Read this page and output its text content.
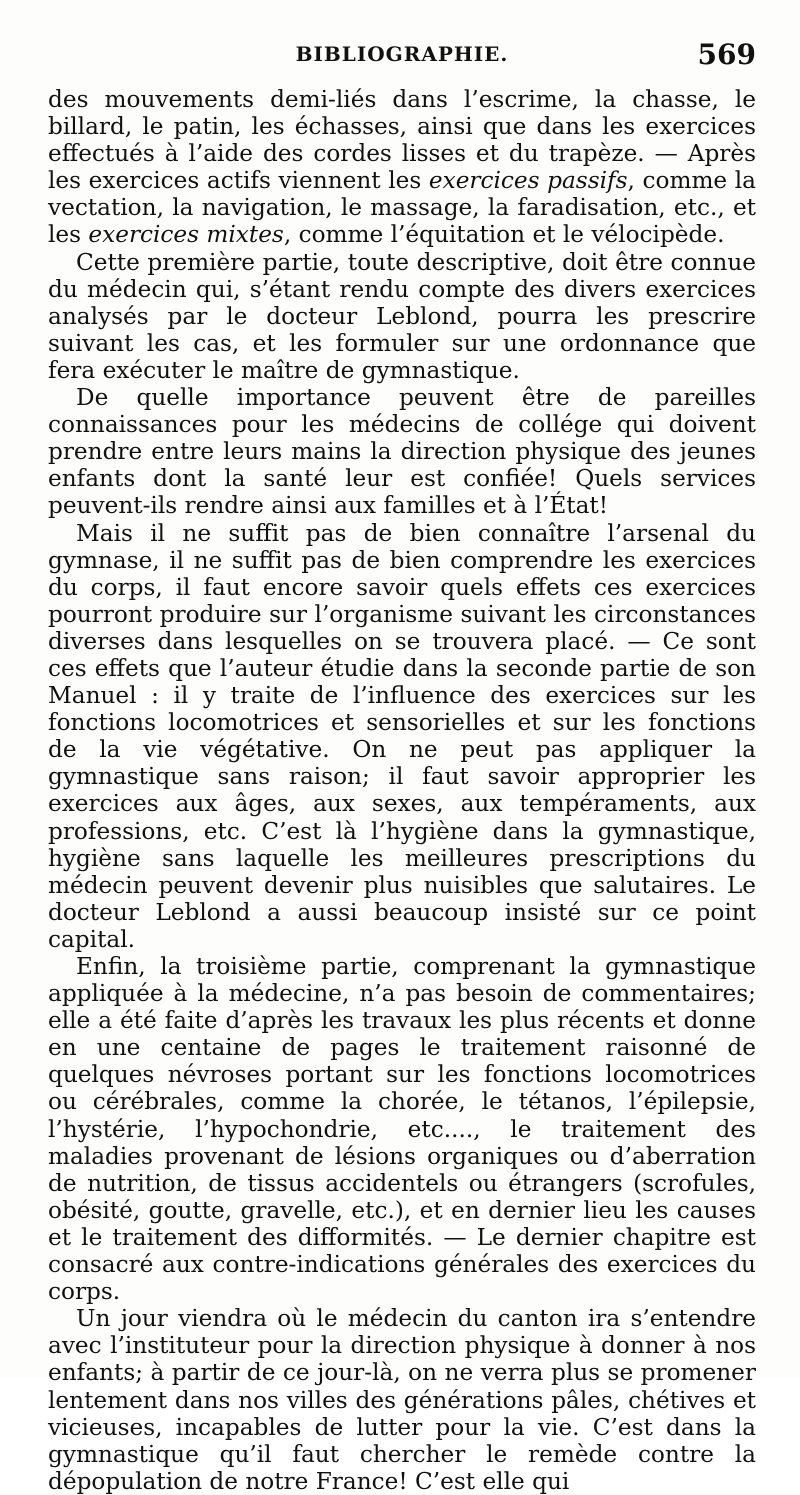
BIBLIOGRAPHIE.	569

des mouvements demi-liés dans l’escrime, la chasse, le billard, le patin, les échasses, ainsi que dans les exercices effectués à l’aide des cordes lisses et du trapèze. — Après les exercices actifs viennent les exercices passifs, comme la vectation, la navigation, le massage, la faradisation, etc., et les exercices mixtes, comme l’équitation et le vélocipède.

Cette première partie, toute descriptive, doit être connue du médecin qui, s’étant rendu compte des divers exercices analysés par le docteur Leblond, pourra les prescrire suivant les cas, et les formuler sur une ordonnance que fera exécuter le maître de gymnastique.

De quelle importance peuvent être de pareilles connaissances pour les médecins de collége qui doivent prendre entre leurs mains la direction physique des jeunes enfants dont la santé leur est confiée! Quels services peuvent-ils rendre ainsi aux familles et à l’État!

Mais il ne suffit pas de bien connaître l’arsenal du gymnase, il ne suffit pas de bien comprendre les exercices du corps, il faut encore savoir quels effets ces exercices pourront produire sur l’organisme suivant les circonstances diverses dans lesquelles on se trouvera placé. — Ce sont ces effets que l’auteur étudie dans la seconde partie de son Manuel : il y traite de l’influence des exercices sur les fonctions locomotrices et sensorielles et sur les fonctions de la vie végétative. On ne peut pas appliquer la gymnastique sans raison; il faut savoir approprier les exercices aux âges, aux sexes, aux tempéraments, aux professions, etc. C’est là l’hygiène dans la gymnastique, hygiène sans laquelle les meilleures prescriptions du médecin peuvent devenir plus nuisibles que salutaires. Le docteur Leblond a aussi beaucoup insisté sur ce point capital.

Enfin, la troisième partie, comprenant la gymnastique appliquée à la médecine, n’a pas besoin de commentaires; elle a été faite d’après les travaux les plus récents et donne en une centaine de pages le traitement raisonné de quelques névroses portant sur les fonctions locomotrices ou cérébrales, comme la chorée, le tétanos, l’épilepsie, l’hystérie, l’hypochondrie, etc...., le traitement des maladies provenant de lésions organiques ou d’aberration de nutrition, de tissus accidentels ou étrangers (scrofules, obésité, goutte, gravelle, etc.), et en dernier lieu les causes et le traitement des difformités. — Le dernier chapitre est consacré aux contre-indications générales des exercices du corps.

Un jour viendra où le médecin du canton ira s’entendre avec l’instituteur pour la direction physique à donner à nos enfants; à partir de ce jour-là, on ne verra plus se promener lentement dans nos villes des générations pâles, chétives et vicieuses, incapables de lutter pour la vie. C’est dans la gymnastique qu’il faut chercher le remède contre la dépopulation de notre France! C’est elle qui
